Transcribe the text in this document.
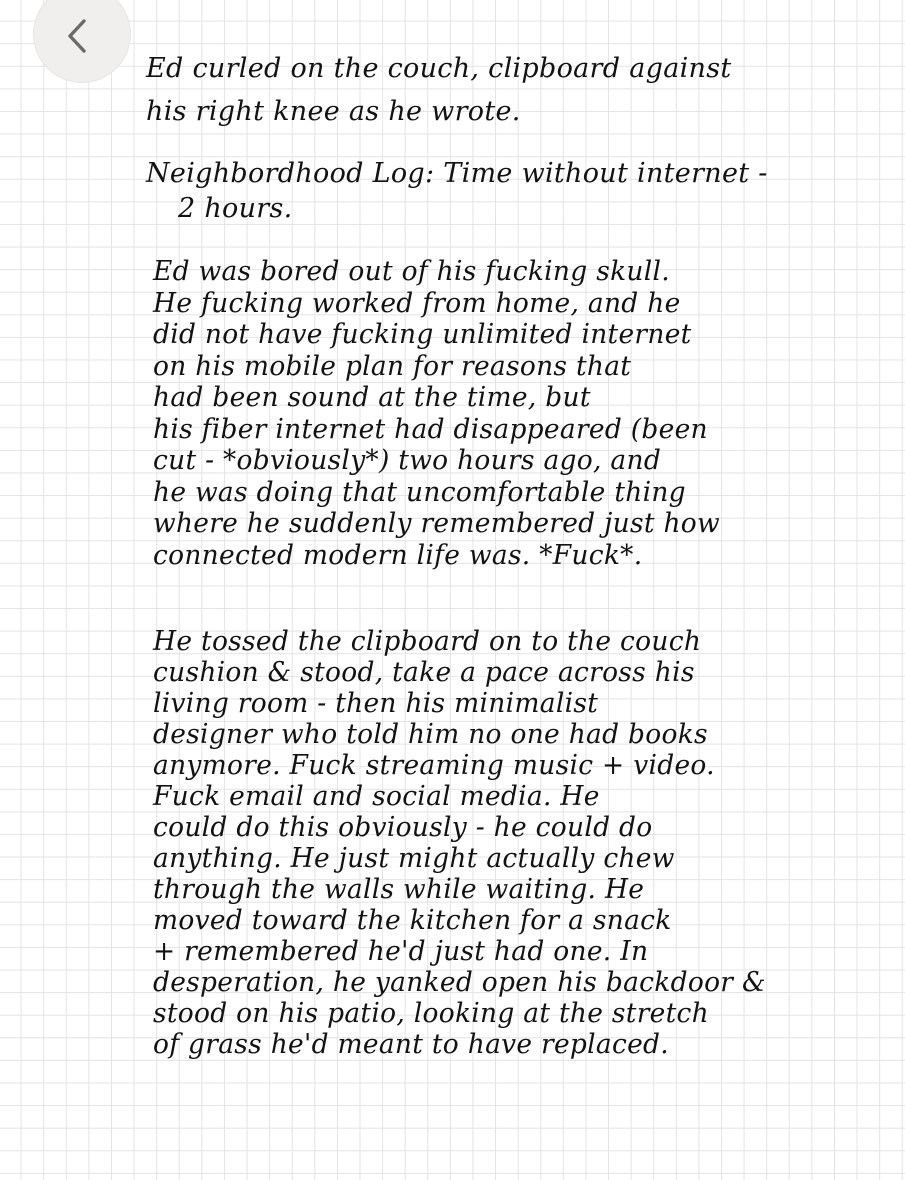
Ed curled on the couch, clipboard against
his right knee as he wrote.
Neighbordhood Log: Time without internet -
2 hours.
Ed was bored out of his fucking skull.
He fucking worked from home, and he
did not have fucking unlimited internet
on his mobile plan for reasons that
had been sound at the time, but
his fiber internet had disappeared (been
cut - *obviously*) two hours ago, and
he was doing that uncomfortable thing
where he suddenly remembered just how
connected modern life was. *Fuck*.
He tossed the clipboard on to the couch
cushion & stood, take a pace across his
living room - then his minimalist
designer who told him no one had books
anymore. Fuck streaming music + video.
Fuck email and social media. He
could do this obviously - he could do
anything. He just might actually chew
through the walls while waiting. He
moved toward the kitchen for a snack
+ remembered he'd just had one. In
desperation, he yanked open his backdoor &
stood on his patio, looking at the stretch
of grass he'd meant to have replaced.
